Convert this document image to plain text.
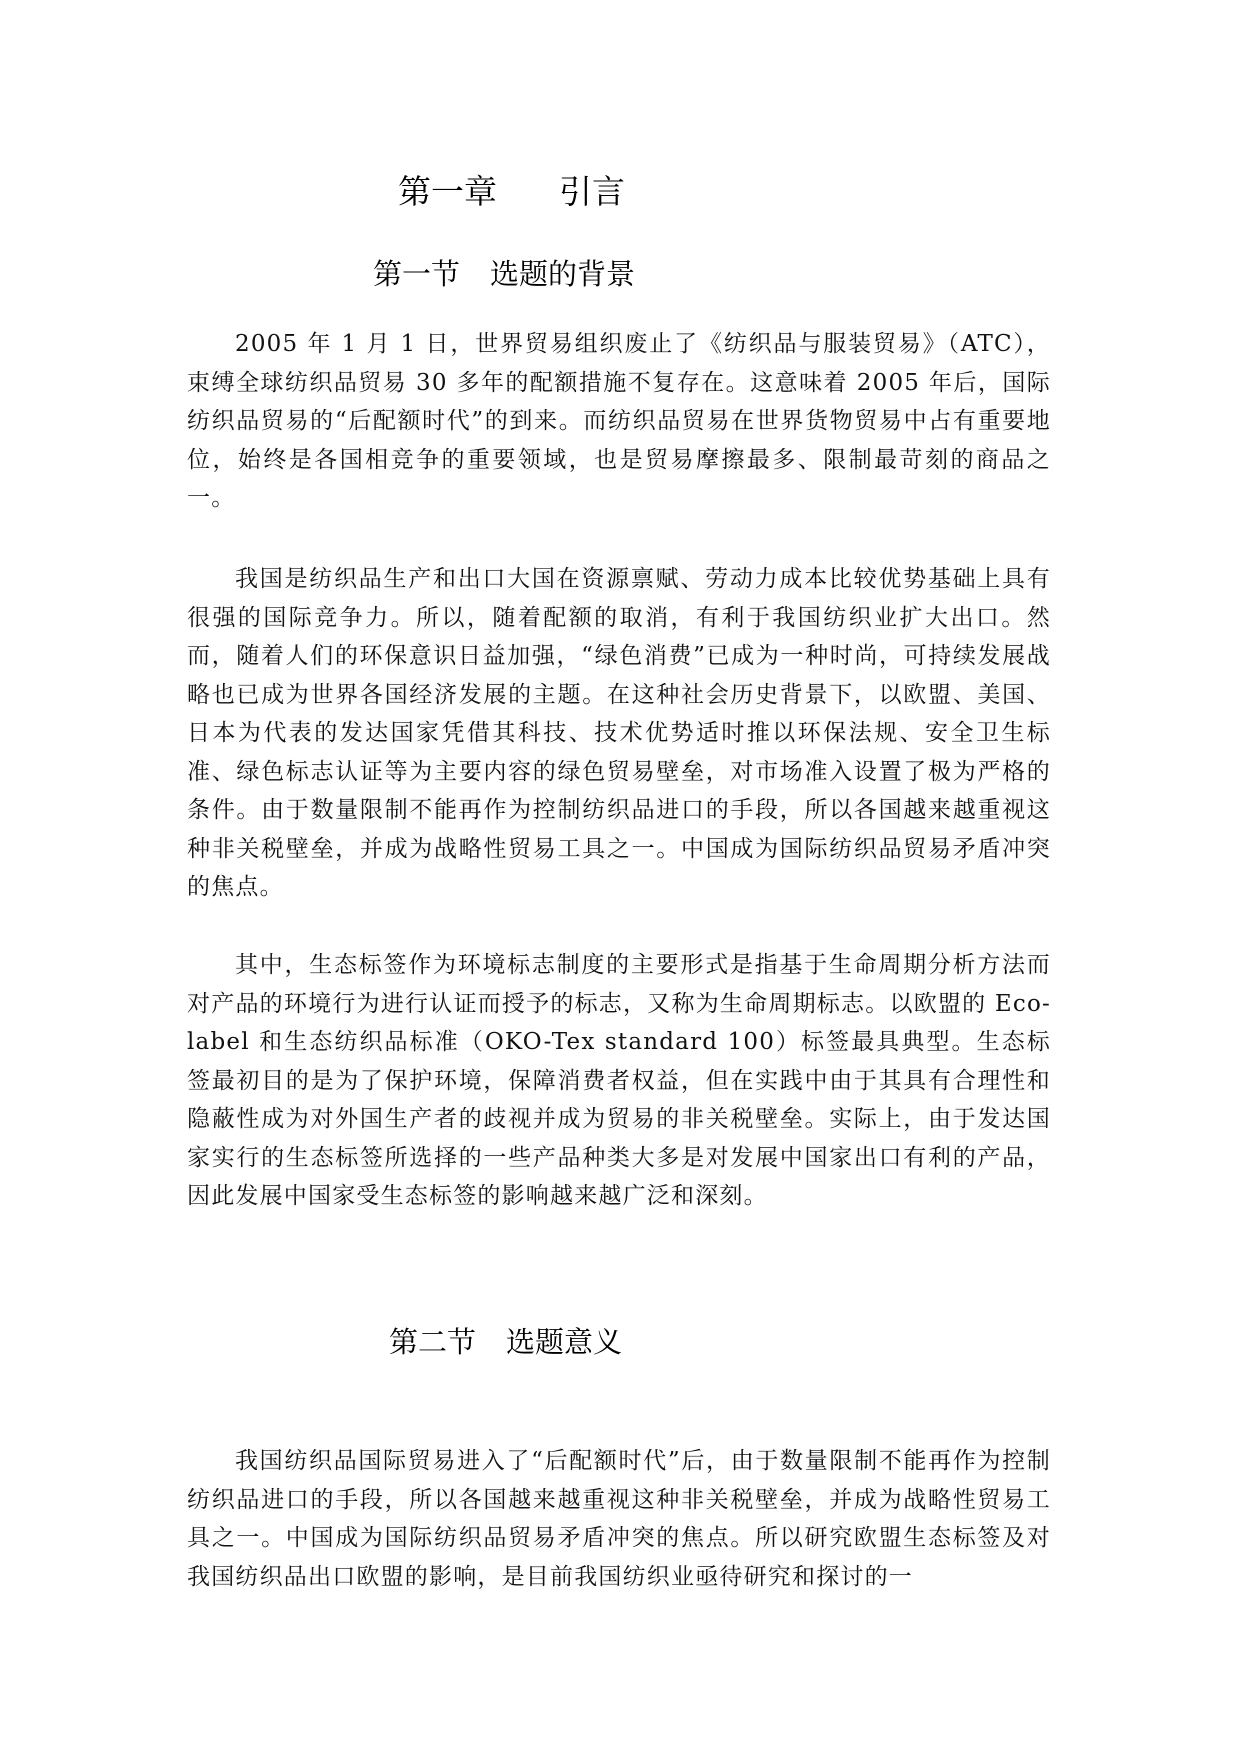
第一章 引言
第一节 选题的背景

2005 年 1 月 1 日，世界贸易组织废止了《纺织品与服装贸易》（ATC），束缚全球纺织品贸易 30 多年的配额措施不复存在。这意味着 2005 年后，国际纺织品贸易的“后配额时代”的到来。而纺织品贸易在世界货物贸易中占有重要地位，始终是各国相竞争的重要领域，也是贸易摩擦最多、限制最苛刻的商品之一。

我国是纺织品生产和出口大国在资源禀赋、劳动力成本比较优势基础上具有很强的国际竞争力。所以，随着配额的取消，有利于我国纺织业扩大出口。然而，随着人们的环保意识日益加强，“绿色消费”已成为一种时尚，可持续发展战略也已成为世界各国经济发展的主题。在这种社会历史背景下，以欧盟、美国、日本为代表的发达国家凭借其科技、技术优势适时推以环保法规、安全卫生标准、绿色标志认证等为主要内容的绿色贸易壁垒，对市场准入设置了极为严格的条件。由于数量限制不能再作为控制纺织品进口的手段，所以各国越来越重视这种非关税壁垒，并成为战略性贸易工具之一。中国成为国际纺织品贸易矛盾冲突的焦点。

其中，生态标签作为环境标志制度的主要形式是指基于生命周期分析方法而对产品的环境行为进行认证而授予的标志，又称为生命周期标志。以欧盟的 Eco-label 和生态纺织品标准（OKO-Tex standard 100）标签最具典型。生态标签最初目的是为了保护环境，保障消费者权益，但在实践中由于其具有合理性和隐蔽性成为对外国生产者的歧视并成为贸易的非关税壁垒。实际上，由于发达国家实行的生态标签所选择的一些产品种类大多是对发展中国家出口有利的产品，因此发展中国家受生态标签的影响越来越广泛和深刻。

第二节 选题意义

我国纺织品国际贸易进入了“后配额时代”后，由于数量限制不能再作为控制纺织品进口的手段，所以各国越来越重视这种非关税壁垒，并成为战略性贸易工具之一。中国成为国际纺织品贸易矛盾冲突的焦点。所以研究欧盟生态标签及对我国纺织品出口欧盟的影响，是目前我国纺织业亟待研究和探讨的一
